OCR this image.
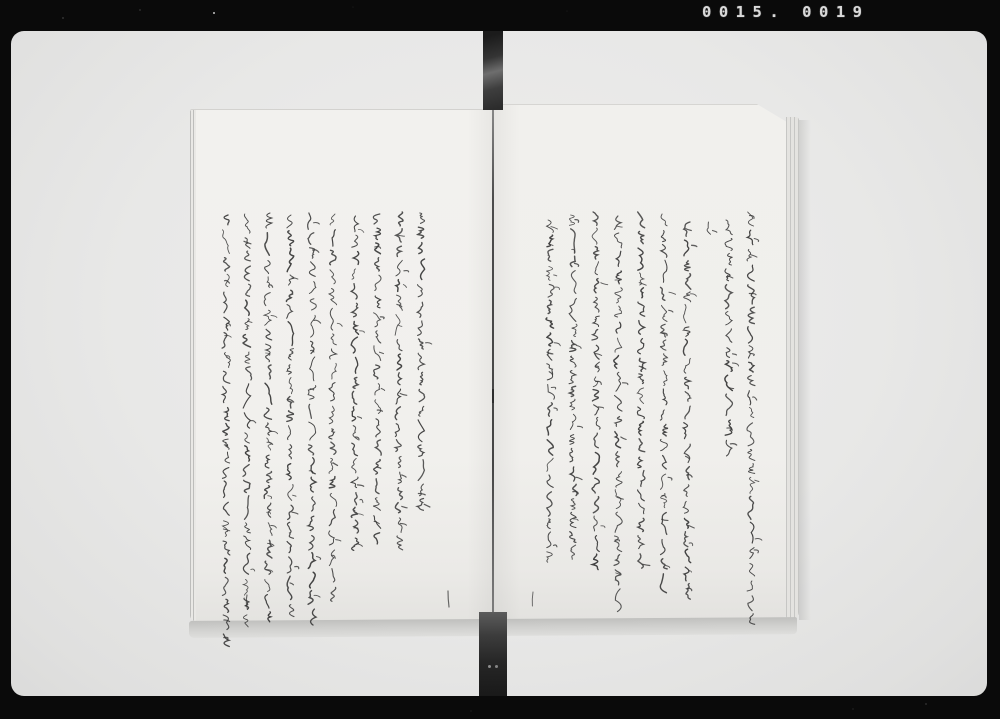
0015. 0019
